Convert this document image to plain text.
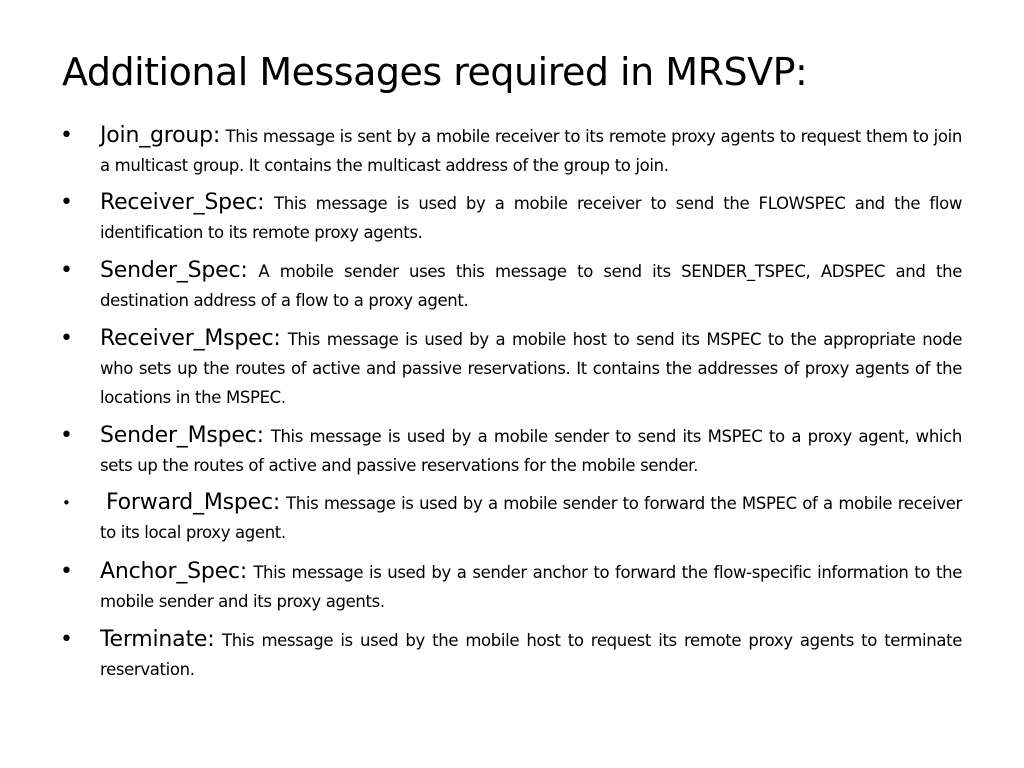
Additional Messages required in MRSVP:
• Join_group: This message is sent by a mobile receiver to its remote proxy agents to request them to join a multicast group. It contains the multicast address of the group to join.

• Receiver_Spec: This message is used by a mobile receiver to send the FLOWSPEC and the flow identification to its remote proxy agents.

• Sender_Spec: A mobile sender uses this message to send its SENDER_TSPEC, ADSPEC and the destination address of a flow to a proxy agent.

• Receiver_Mspec: This message is used by a mobile host to send its MSPEC to the appropriate node who sets up the routes of active and passive reservations. It contains the addresses of proxy agents of the locations in the MSPEC.

• Sender_Mspec: This message is used by a mobile sender to send its MSPEC to a proxy agent, which sets up the routes of active and passive reservations for the mobile sender.

• Forward_Mspec: This message is used by a mobile sender to forward the MSPEC of a mobile receiver to its local proxy agent.

• Anchor_Spec: This message is used by a sender anchor to forward the flow-specific information to the mobile sender and its proxy agents.

• Terminate: This message is used by the mobile host to request its remote proxy agents to terminate reservation.
